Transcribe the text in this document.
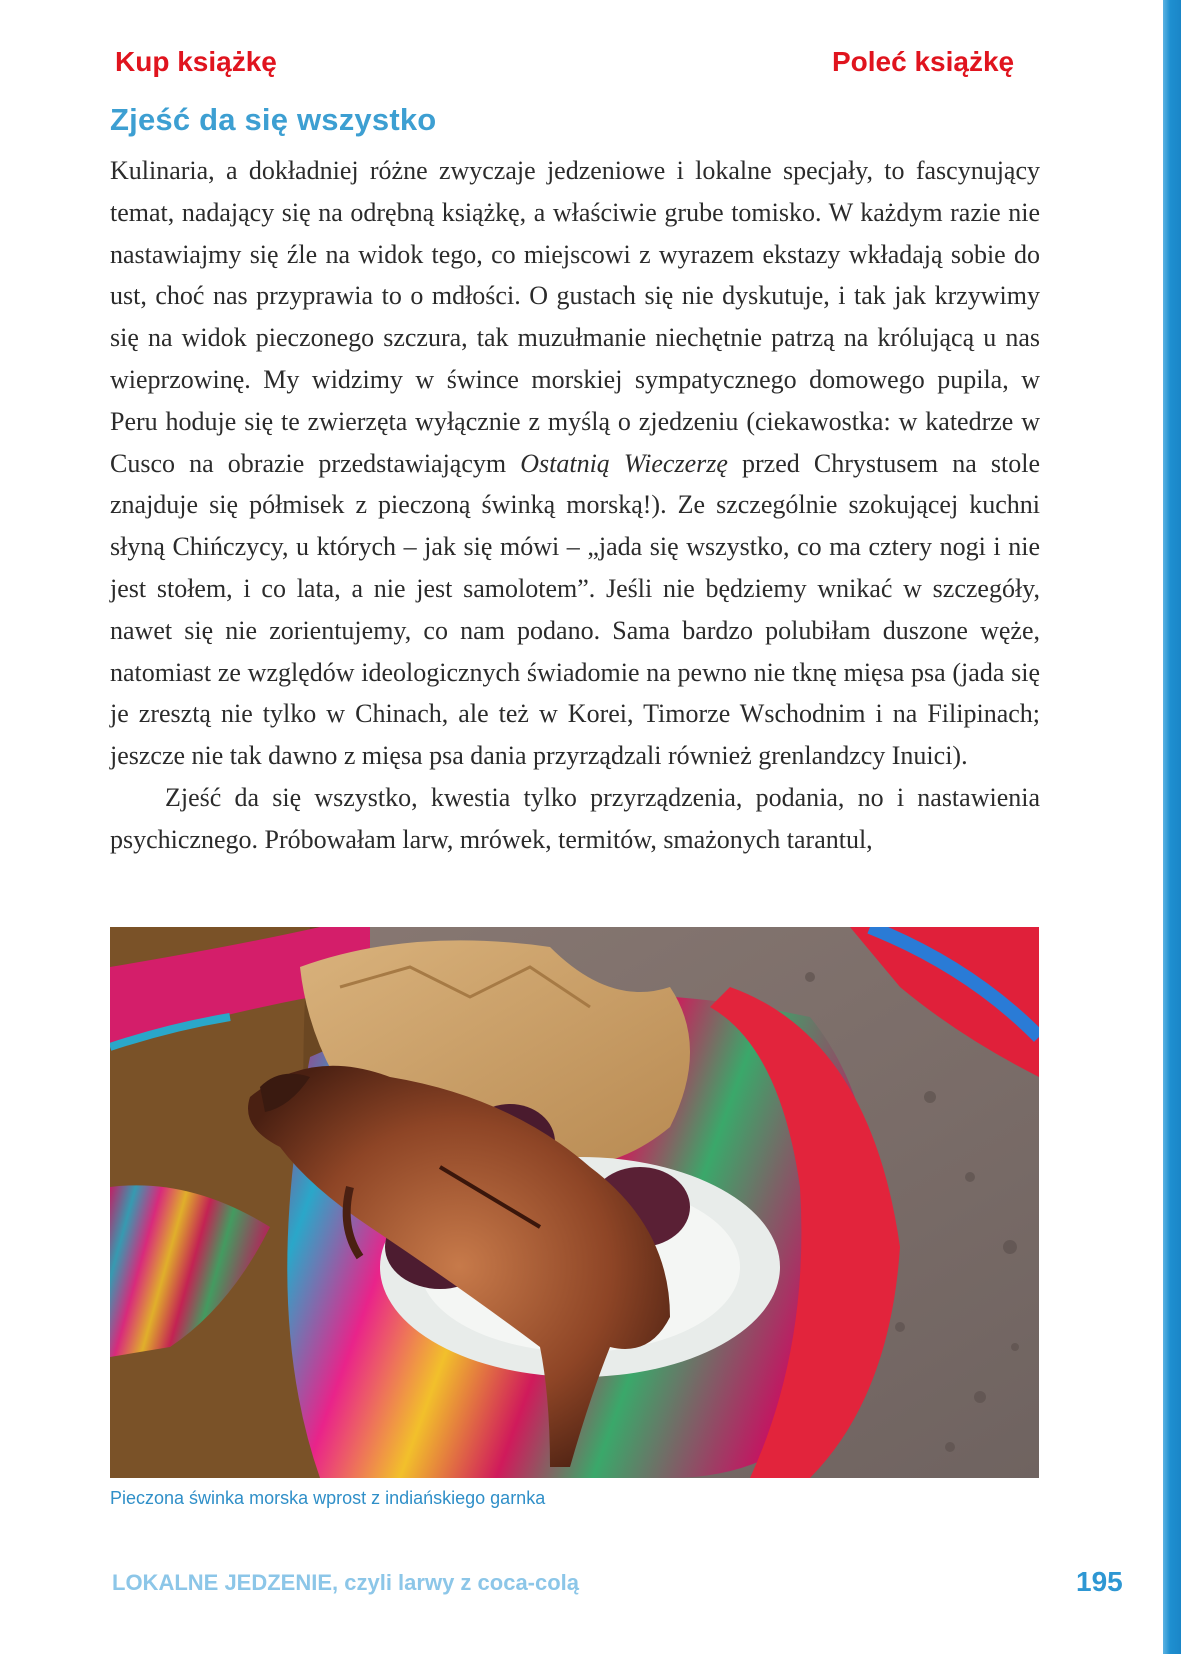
Kup książkę	Poleć książkę
Zjeść da się wszystko

Kulinaria, a dokładniej różne zwyczaje jedzeniowe i lokalne specjały, to fascynujący temat, nadający się na odrębną książkę, a właściwie grube tomisko. W każdym razie nie nastawiajmy się źle na widok tego, co miejscowi z wyrazem ekstazy wkładają sobie do ust, choć nas przyprawia to o mdłości. O gustach się nie dyskutuje, i tak jak krzywimy się na widok pieczonego szczura, tak muzułmanie niechętnie patrzą na królującą u nas wieprzowinę. My widzimy w śwince morskiej sympatycznego domowego pupila, w Peru hoduje się te zwierzęta wyłącznie z myślą o zjedzeniu (ciekawostka: w katedrze w Cusco na obrazie przedstawiającym Ostatnią Wieczerzę przed Chrystusem na stole znajduje się półmisek z pieczoną świnką morską!). Ze szczególnie szokującej kuchni słyną Chińczycy, u których – jak się mówi – „jada się wszystko, co ma cztery nogi i nie jest stołem, i co lata, a nie jest samolotem”. Jeśli nie będziemy wnikać w szczegóły, nawet się nie zorientujemy, co nam podano. Sama bardzo polubiłam duszone węże, natomiast ze względów ideologicznych świadomie na pewno nie tknę mięsa psa (jada się je zresztą nie tylko w Chinach, ale też w Korei, Timorze Wschodnim i na Filipinach; jeszcze nie tak dawno z mięsa psa dania przyrządzali również grenlandzcy Inuici).

Zjeść da się wszystko, kwestia tylko przyrządzenia, podania, no i nastawienia psychicznego. Próbowałam larw, mrówek, termitów, smażonych tarantul,

Pieczona świnka morska wprost z indiańskiego garnka
LOKALNE JEDZENIE, czyli larwy z coca-colą	195
